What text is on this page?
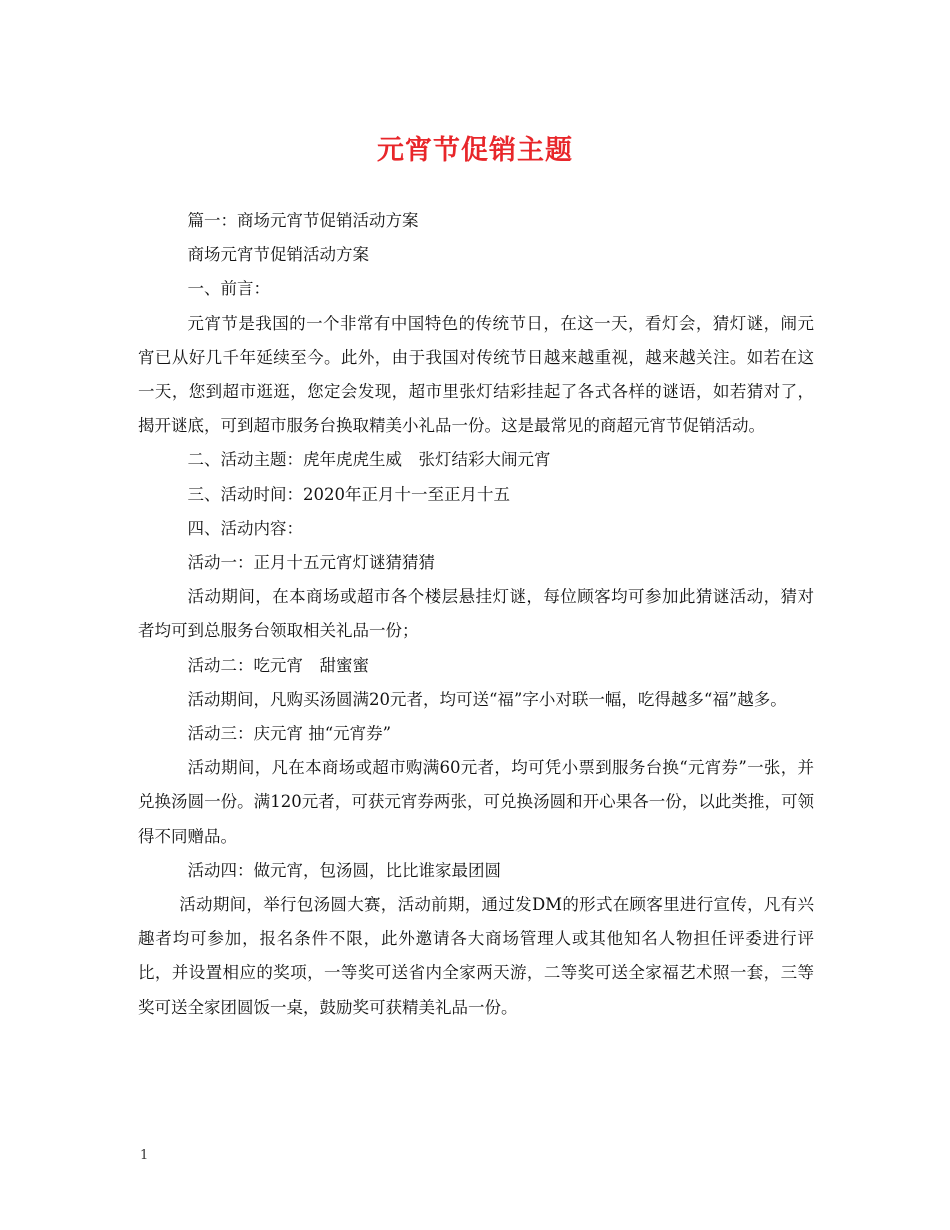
元宵节促销主题

篇一：商场元宵节促销活动方案

商场元宵节促销活动方案

一、前言：

元宵节是我国的一个非常有中国特色的传统节日，在这一天，看灯会，猜灯谜，闹元宵已从好几千年延续至今。此外，由于我国对传统节日越来越重视，越来越关注。如若在这一天，您到超市逛逛，您定会发现，超市里张灯结彩挂起了各式各样的谜语，如若猜对了，揭开谜底，可到超市服务台换取精美小礼品一份。这是最常见的商超元宵节促销活动。

二、活动主题：虎年虎虎生威　张灯结彩大闹元宵

三、活动时间：2020年正月十一至正月十五

四、活动内容：

活动一：正月十五元宵灯谜猜猜猜

活动期间，在本商场或超市各个楼层悬挂灯谜，每位顾客均可参加此猜谜活动，猜对者均可到总服务台领取相关礼品一份；

活动二：吃元宵　甜蜜蜜

活动期间，凡购买汤圆满20元者，均可送“福”字小对联一幅，吃得越多“福”越多。

活动三：庆元宵 抽“元宵券”

活动期间，凡在本商场或超市购满60元者，均可凭小票到服务台换“元宵券”一张，并兑换汤圆一份。满120元者，可获元宵券两张，可兑换汤圆和开心果各一份，以此类推，可领得不同赠品。

活动四：做元宵，包汤圆，比比谁家最团圆

活动期间，举行包汤圆大赛，活动前期，通过发DM的形式在顾客里进行宣传，凡有兴趣者均可参加，报名条件不限，此外邀请各大商场管理人或其他知名人物担任评委进行评比，并设置相应的奖项，一等奖可送省内全家两天游，二等奖可送全家福艺术照一套，三等奖可送全家团圆饭一桌，鼓励奖可获精美礼品一份。

1
